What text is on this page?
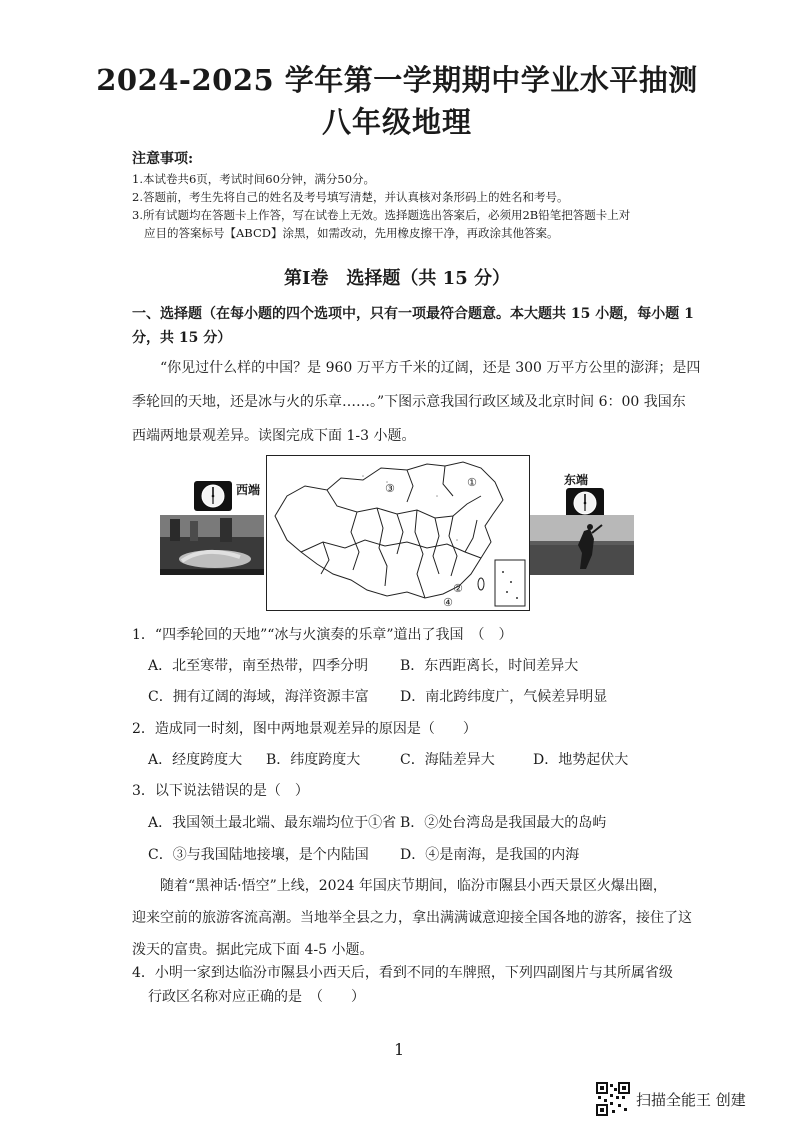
2024-2025 学年第一学期期中学业水平抽测
八年级地理
注意事项:
1.本试卷共6页，考试时间60分钟，满分50分。
2.答题前，考生先将自己的姓名及考号填写清楚，并认真核对条形码上的姓名和考号。
3.所有试题均在答题卡上作答，写在试卷上无效。选择题选出答案后，必须用2B铅笔把答题卡上对
应目的答案标号【ABCD】涂黑，如需改动，先用橡皮擦干净，再政涂其他答案。
第Ⅰ卷　选择题（共 15 分）
一、选择题（在每小题的四个选项中，只有一项最符合题意。本大题共 15 小题，每小题 1
分，共 15 分）
“你见过什么样的中国？是 960 万平方千米的辽阔，还是 300 万平方公里的澎湃；是四
季轮回的天地，还是冰与火的乐章……。”下图示意我国行政区域及北京时间 6：00 我国东
西端两地景观差异。读图完成下面 1-3 小题。
西端	③	①
②
④
东端
1．“四季轮回的天地”“冰与火演奏的乐章”道出了我国　（　）
A．北至寒带，南至热带，四季分明 B．东西距离长，时间差异大
C．拥有辽阔的海域，海洋资源丰富 D．南北跨纬度广，气候差异明显
2．造成同一时刻，图中两地景观差异的原因是（　　）
A．经度跨度大 B．纬度跨度大	C．海陆差异大	D．地势起伏大
3．以下说法错误的是（　）
A．我国领土最北端、最东端均位于①省 B．②处台湾岛是我国最大的岛屿
C．③与我国陆地接壤，是个内陆国 D．④是南海，是我国的内海
随着“黑神话·悟空”上线，2024 年国庆节期间，临汾市隰县小西天景区火爆出圈，
迎来空前的旅游客流高潮。当地举全县之力，拿出满满诚意迎接全国各地的游客，接住了这
泼天的富贵。据此完成下面 4-5 小题。
4．小明一家到达临汾市隰县小西天后，看到不同的车牌照，下列四副图片与其所属省级
行政区名称对应正确的是　（　　）
1
扫描全能王 创建
